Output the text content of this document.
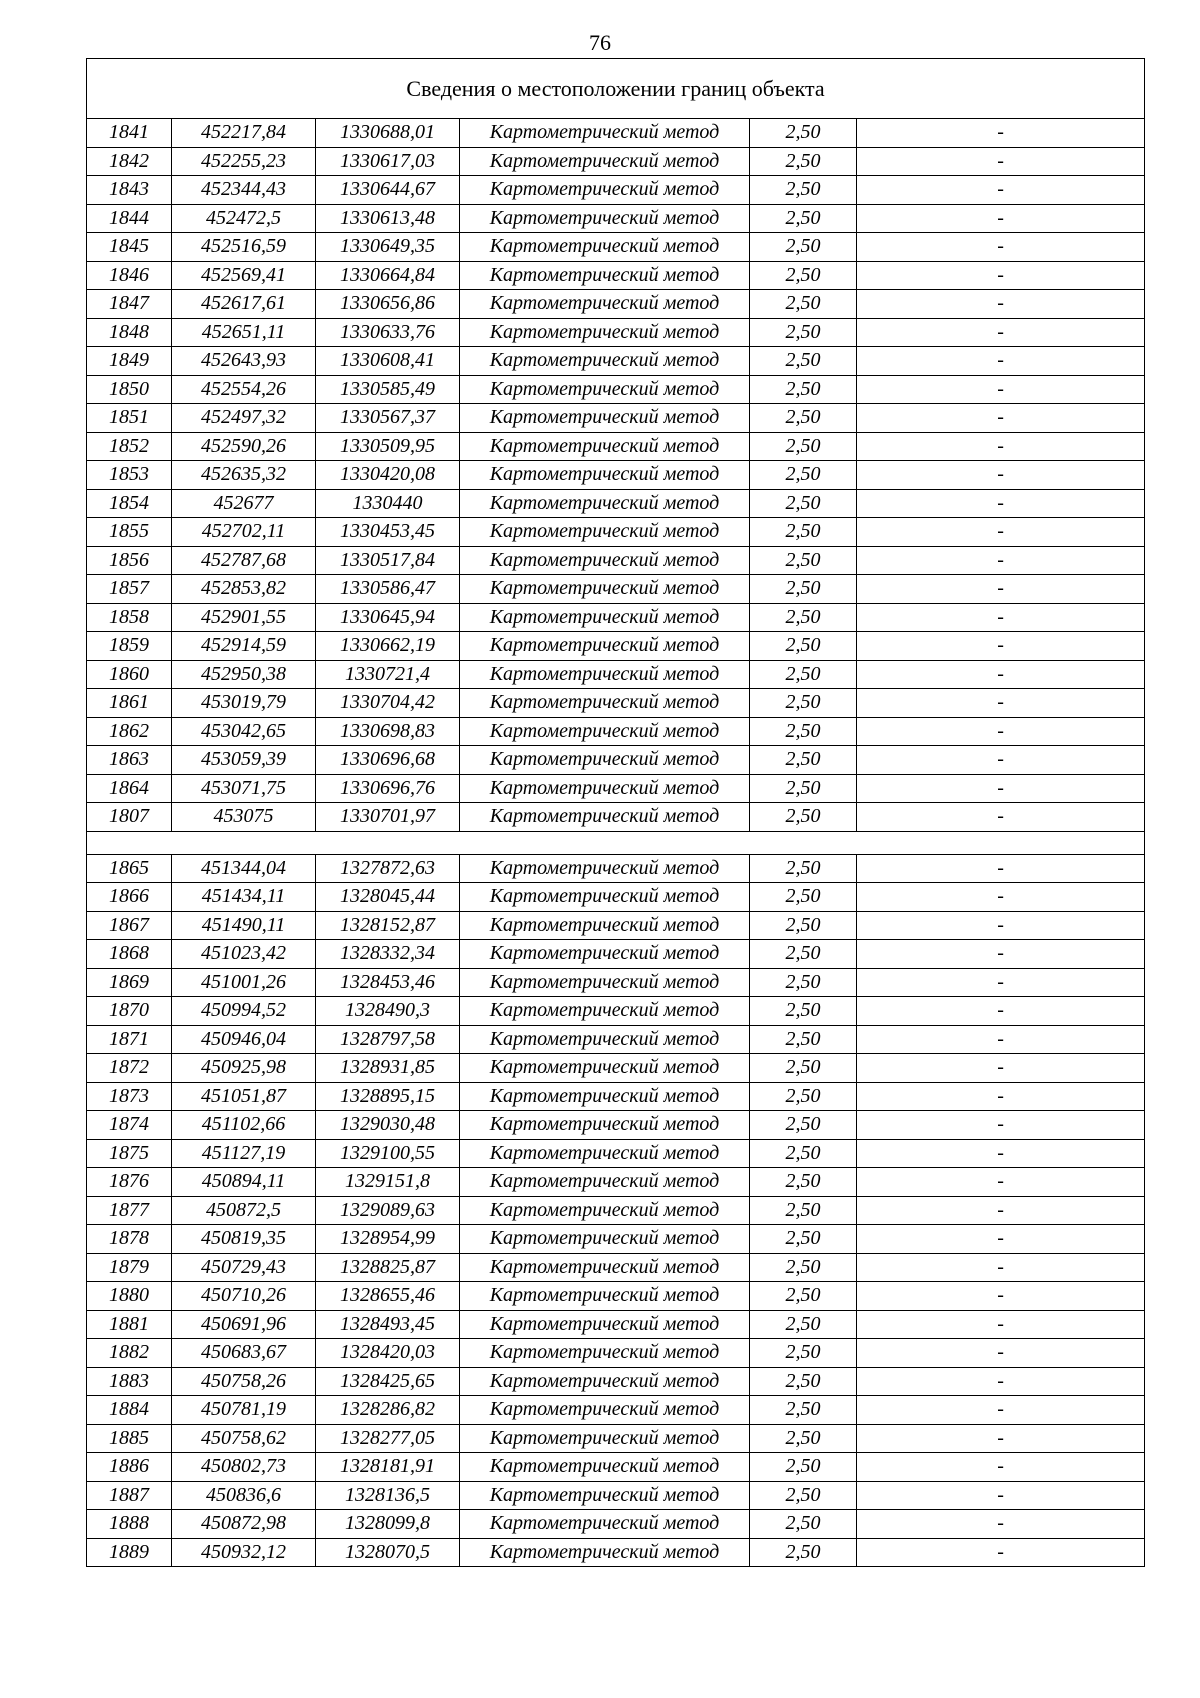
76
Сведения о местоположении границ объекта					
1841	452217,84	1330688,01	Картометрический метод	2,50	-
1842	452255,23	1330617,03	Картометрический метод	2,50	-
1843	452344,43	1330644,67	Картометрический метод	2,50	-
1844	452472,5	1330613,48	Картометрический метод	2,50	-
1845	452516,59	1330649,35	Картометрический метод	2,50	-
1846	452569,41	1330664,84	Картометрический метод	2,50	-
1847	452617,61	1330656,86	Картометрический метод	2,50	-
1848	452651,11	1330633,76	Картометрический метод	2,50	-
1849	452643,93	1330608,41	Картометрический метод	2,50	-
1850	452554,26	1330585,49	Картометрический метод	2,50	-
1851	452497,32	1330567,37	Картометрический метод	2,50	-
1852	452590,26	1330509,95	Картометрический метод	2,50	-
1853	452635,32	1330420,08	Картометрический метод	2,50	-
1854	452677	1330440	Картометрический метод	2,50	-
1855	452702,11	1330453,45	Картометрический метод	2,50	-
1856	452787,68	1330517,84	Картометрический метод	2,50	-
1857	452853,82	1330586,47	Картометрический метод	2,50	-
1858	452901,55	1330645,94	Картометрический метод	2,50	-
1859	452914,59	1330662,19	Картометрический метод	2,50	-
1860	452950,38	1330721,4	Картометрический метод	2,50	-
1861	453019,79	1330704,42	Картометрический метод	2,50	-
1862	453042,65	1330698,83	Картометрический метод	2,50	-
1863	453059,39	1330696,68	Картометрический метод	2,50	-
1864	453071,75	1330696,76	Картометрический метод	2,50	-
1807	453075	1330701,97	Картометрический метод	2,50	-

1865	451344,04	1327872,63	Картометрический метод	2,50	-
1866	451434,11	1328045,44	Картометрический метод	2,50	-
1867	451490,11	1328152,87	Картометрический метод	2,50	-
1868	451023,42	1328332,34	Картометрический метод	2,50	-
1869	451001,26	1328453,46	Картометрический метод	2,50	-
1870	450994,52	1328490,3	Картометрический метод	2,50	-
1871	450946,04	1328797,58	Картометрический метод	2,50	-
1872	450925,98	1328931,85	Картометрический метод	2,50	-
1873	451051,87	1328895,15	Картометрический метод	2,50	-
1874	451102,66	1329030,48	Картометрический метод	2,50	-
1875	451127,19	1329100,55	Картометрический метод	2,50	-
1876	450894,11	1329151,8	Картометрический метод	2,50	-
1877	450872,5	1329089,63	Картометрический метод	2,50	-
1878	450819,35	1328954,99	Картометрический метод	2,50	-
1879	450729,43	1328825,87	Картометрический метод	2,50	-
1880	450710,26	1328655,46	Картометрический метод	2,50	-
1881	450691,96	1328493,45	Картометрический метод	2,50	-
1882	450683,67	1328420,03	Картометрический метод	2,50	-
1883	450758,26	1328425,65	Картометрический метод	2,50	-
1884	450781,19	1328286,82	Картометрический метод	2,50	-
1885	450758,62	1328277,05	Картометрический метод	2,50	-
1886	450802,73	1328181,91	Картометрический метод	2,50	-
1887	450836,6	1328136,5	Картометрический метод	2,50	-
1888	450872,98	1328099,8	Картометрический метод	2,50	-
1889	450932,12	1328070,5	Картометрический метод	2,50	-
